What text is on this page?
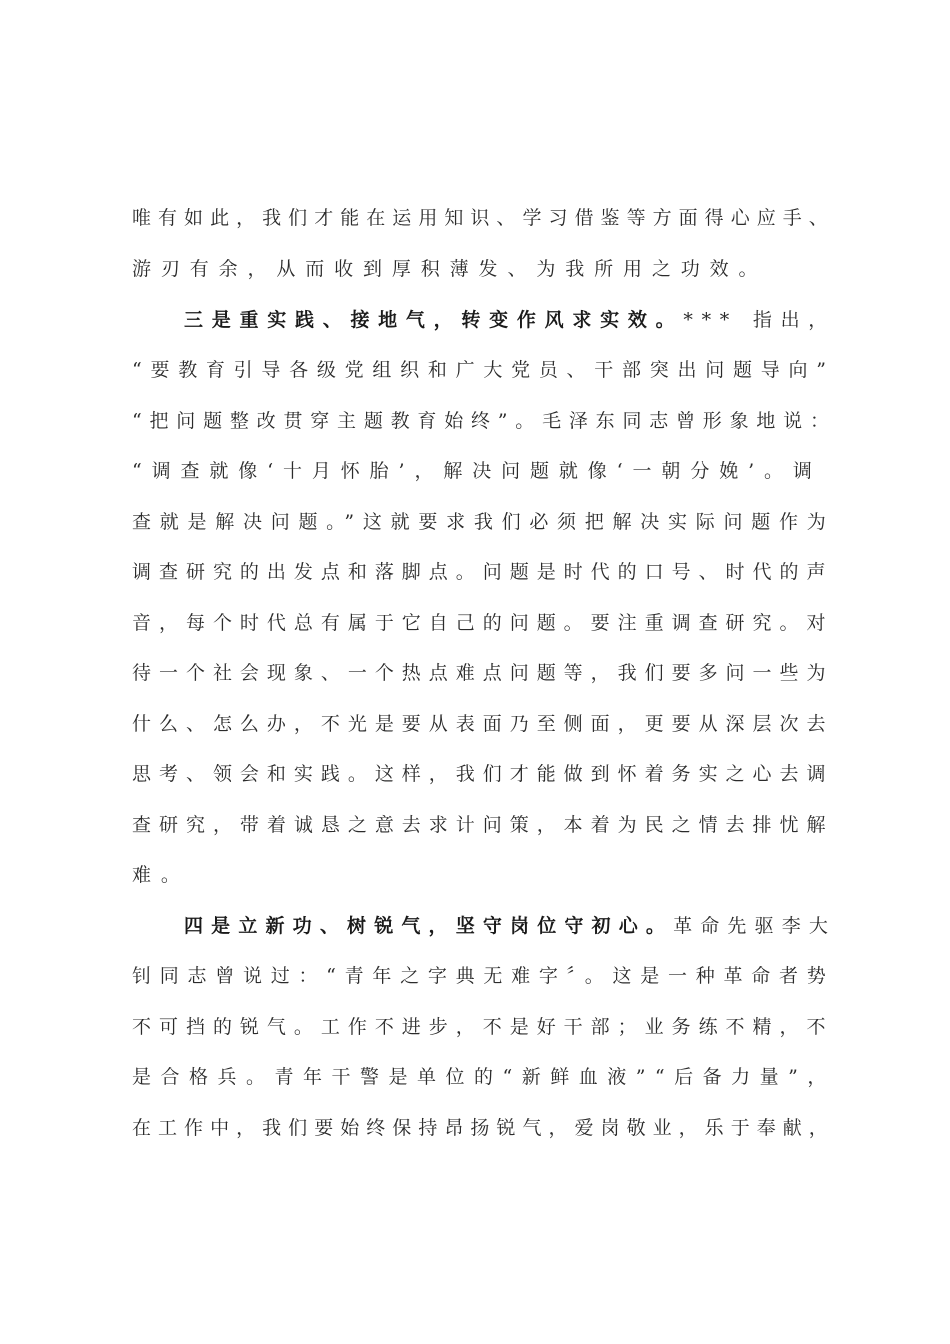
唯有如此，我们才能在运用知识、学习借鉴等方面得心应手、
游刃有余，从而收到厚积薄发、为我所用之功效。
三是重实践、接地气，转变作风求实效。*** 指出，
“要教育引导各级党组织和广大党员、干部突出问题导向”
“把问题整改贯穿主题教育始终”。毛泽东同志曾形象地说：
“调查就像‘十月怀胎’，解决问题就像‘一朝分娩’。调
查就是解决问题。”这就要求我们必须把解决实际问题作为
调查研究的出发点和落脚点。问题是时代的口号、时代的声
音，每个时代总有属于它自己的问题。要注重调查研究。对
待一个社会现象、一个热点难点问题等，我们要多问一些为
什么、怎么办，不光是要从表面乃至侧面，更要从深层次去
思考、领会和实践。这样，我们才能做到怀着务实之心去调
查研究，带着诚恳之意去求计问策，本着为民之情去排忧解
难。
四是立新功、树锐气，坚守岗位守初心。革命先驱李大
钊同志曾说过：“青年之字典无难字〞。这是一种革命者势
不可挡的锐气。工作不进步，不是好干部；业务练不精，不
是合格兵。青年干警是单位的“新鲜血液”“后备力量”，
在工作中，我们要始终保持昂扬锐气，爱岗敬业，乐于奉献，
